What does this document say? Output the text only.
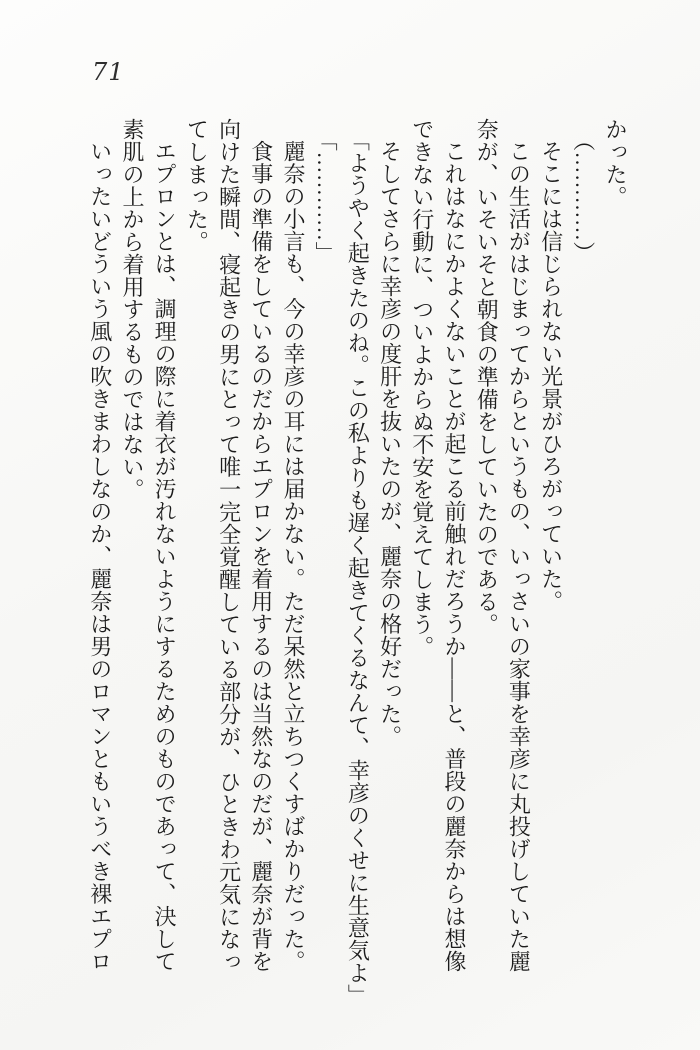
71
かった。
（…………）
そこには信じられない光景がひろがっていた。
この生活がはじまってからというもの、いっさいの家事を幸彦に丸投げしていた麗
奈が、いそいそと朝食の準備をしていたのである。
これはなにかよくないことが起こる前触れだろうか――と、普段の麗奈からは想像
できない行動に、ついよからぬ不安を覚えてしまう。
そしてさらに幸彦の度肝を抜いたのが、麗奈の格好だった。
「ようやく起きたのね。この私よりも遅く起きてくるなんて、幸彦のくせに生意気よ」
「…………」
麗奈の小言も、今の幸彦の耳には届かない。ただ呆然と立ちつくすばかりだった。
食事の準備をしているのだからエプロンを着用するのは当然なのだが、麗奈が背を
向けた瞬間、寝起きの男にとって唯一完全覚醒している部分が、ひときわ元気になっ
てしまった。
エプロンとは、調理の際に着衣が汚れないようにするためのものであって、決して
素肌の上から着用するものではない。
いったいどういう風の吹きまわしなのか、麗奈は男のロマンともいうべき裸エプロ
